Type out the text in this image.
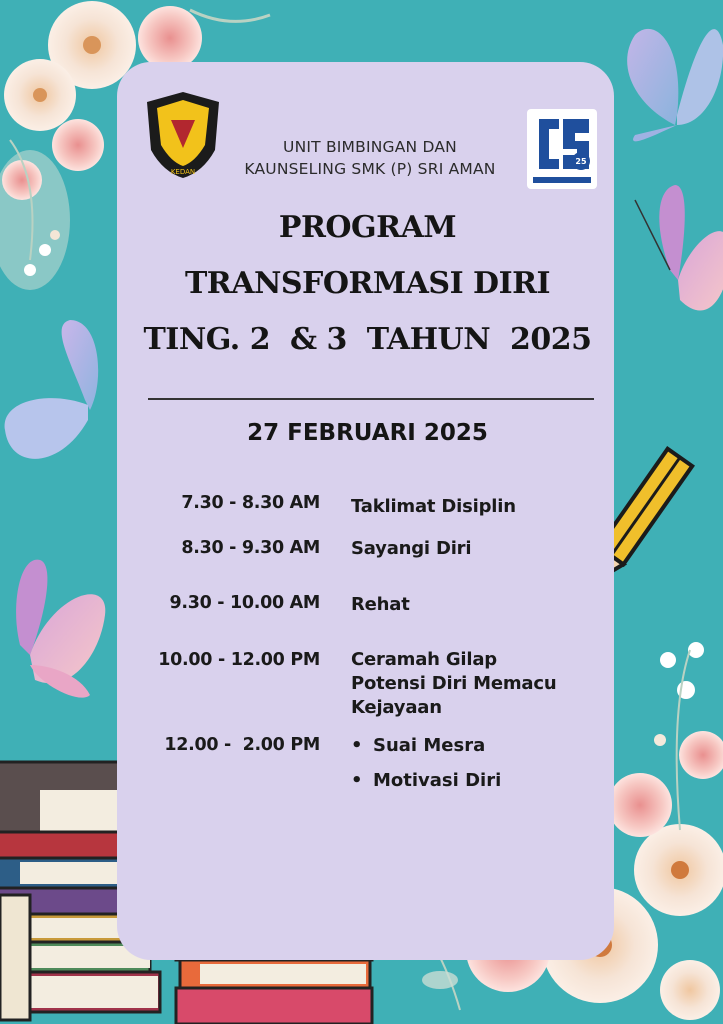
KEDAN
25
UNIT BIMBINGAN DAN
KAUNSELING SMK (P) SRI AMAN
PROGRAM
TRANSFORMASI DIRI
TING. 2  & 3  TAHUN  2025
27 FEBRUARI 2025
7.30 - 8.30 AM Taklimat Disiplin
8.30 - 9.30 AM Sayangi Diri
9.30 - 10.00 AM Rehat
10.00 - 12.00 PM Ceramah Gilap
Potensi Diri Memacu
Kejayaan
12.00 -  2.00 PM • Suai Mesra
• Motivasi Diri
